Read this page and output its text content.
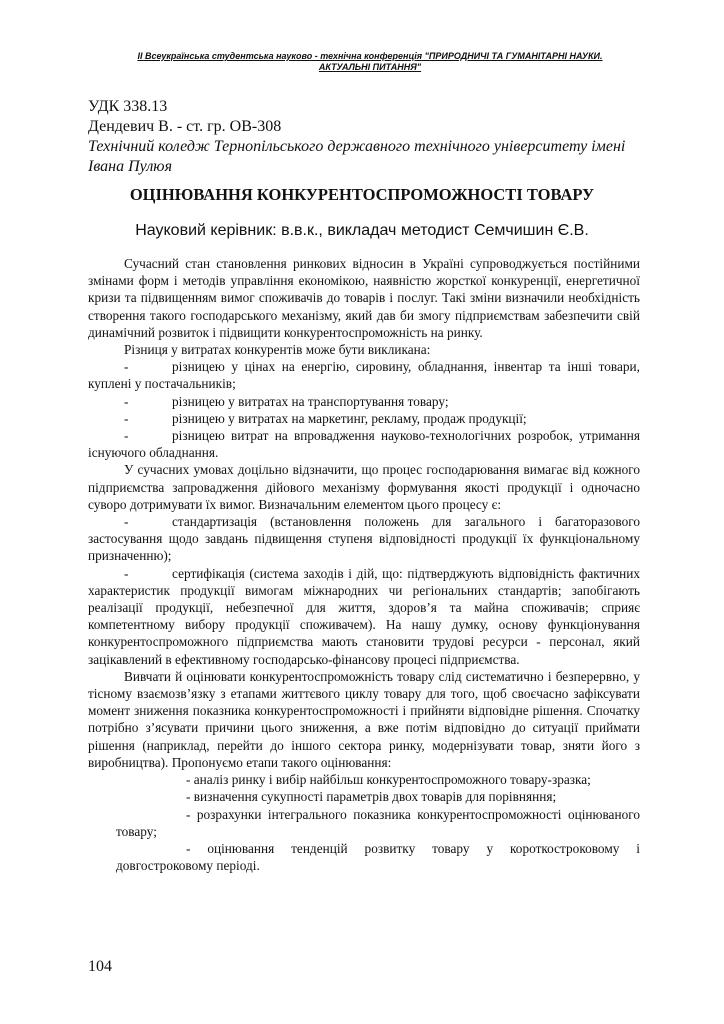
ІІ Всеукраїнська студентська науково - технічна конференція "ПРИРОДНИЧІ ТА ГУМАНІТАРНІ НАУКИ.
АКТУАЛЬНІ ПИТАННЯ"
УДК 338.13
Дендевич В. - ст. гр. ОВ-308
Технічний коледж Тернопільського державного технічного університету імені Івана Пулюя
ОЦІНЮВАННЯ КОНКУРЕНТОСПРОМОЖНОСТІ ТОВАРУ
Науковий керівник: в.в.к., викладач методист Семчишин Є.В.

Сучасний стан становлення ринкових відносин в Україні супроводжується постійними змінами форм і методів управління економікою, наявністю жорсткої конкуренції, енергетичної кризи та підвищенням вимог споживачів до товарів і послуг. Такі зміни визначили необхідність створення такого господарського механізму, який дав би змогу підприємствам забезпечити свій динамічний розвиток і підвищити конкурентоспроможність на ринку.

Різниця у витратах конкурентів може бути викликана:

-	різницею у цінах на енергію, сировину, обладнання, інвентар та інші товари, куплені у постачальників;

-	різницею у витратах на транспортування товару;

-	різницею у витратах на маркетинг, рекламу, продаж продукції;

-	різницею витрат на впровадження науково-технологічних розробок, утримання існуючого обладнання.

У сучасних умовах доцільно відзначити, що процес господарювання вимагає від кожного підприємства запровадження дійового механізму формування якості продукції і одночасно суворо дотримувати їх вимог. Визначальним елементом цього процесу є:

-	стандартизація (встановлення положень для загального і багаторазового застосування щодо завдань підвищення ступеня відповідності продукції їх функціональному призначенню);

-	сертифікація (система заходів і дій, що: підтверджують відповідність фактичних характеристик продукції вимогам міжнародних чи регіональних стандартів; запобігають реалізації продукції, небезпечної для життя, здоров’я та майна споживачів; сприяє компетентному вибору продукції споживачем). На нашу думку, основу функціонування конкурентоспроможного підприємства мають становити трудові ресурси - персонал, який зацікавлений в ефективному господарсько-фінансову процесі підприємства.

Вивчати й оцінювати конкурентоспроможність товару слід систематично і безперервно, у тісному взаємозв’язку з етапами життєвого циклу товару для того, щоб своєчасно зафіксувати момент зниження показника конкурентоспроможності і прийняти відповідне рішення. Спочатку потрібно з’ясувати причини цього зниження, а вже потім відповідно до ситуації приймати рішення (наприклад, перейти до іншого сектора ринку, модернізувати товар, зняти його з виробництва). Пропонуємо етапи такого оцінювання:

- аналіз ринку і вибір найбільш конкурентоспроможного товару-зразка;

- визначення сукупності параметрів двох товарів для порівняння;

- розрахунки інтегрального показника конкурентоспроможності оцінюваного товару;

- оцінювання тенденцій розвитку товару у короткостроковому і довгостроковому періоді.

104
